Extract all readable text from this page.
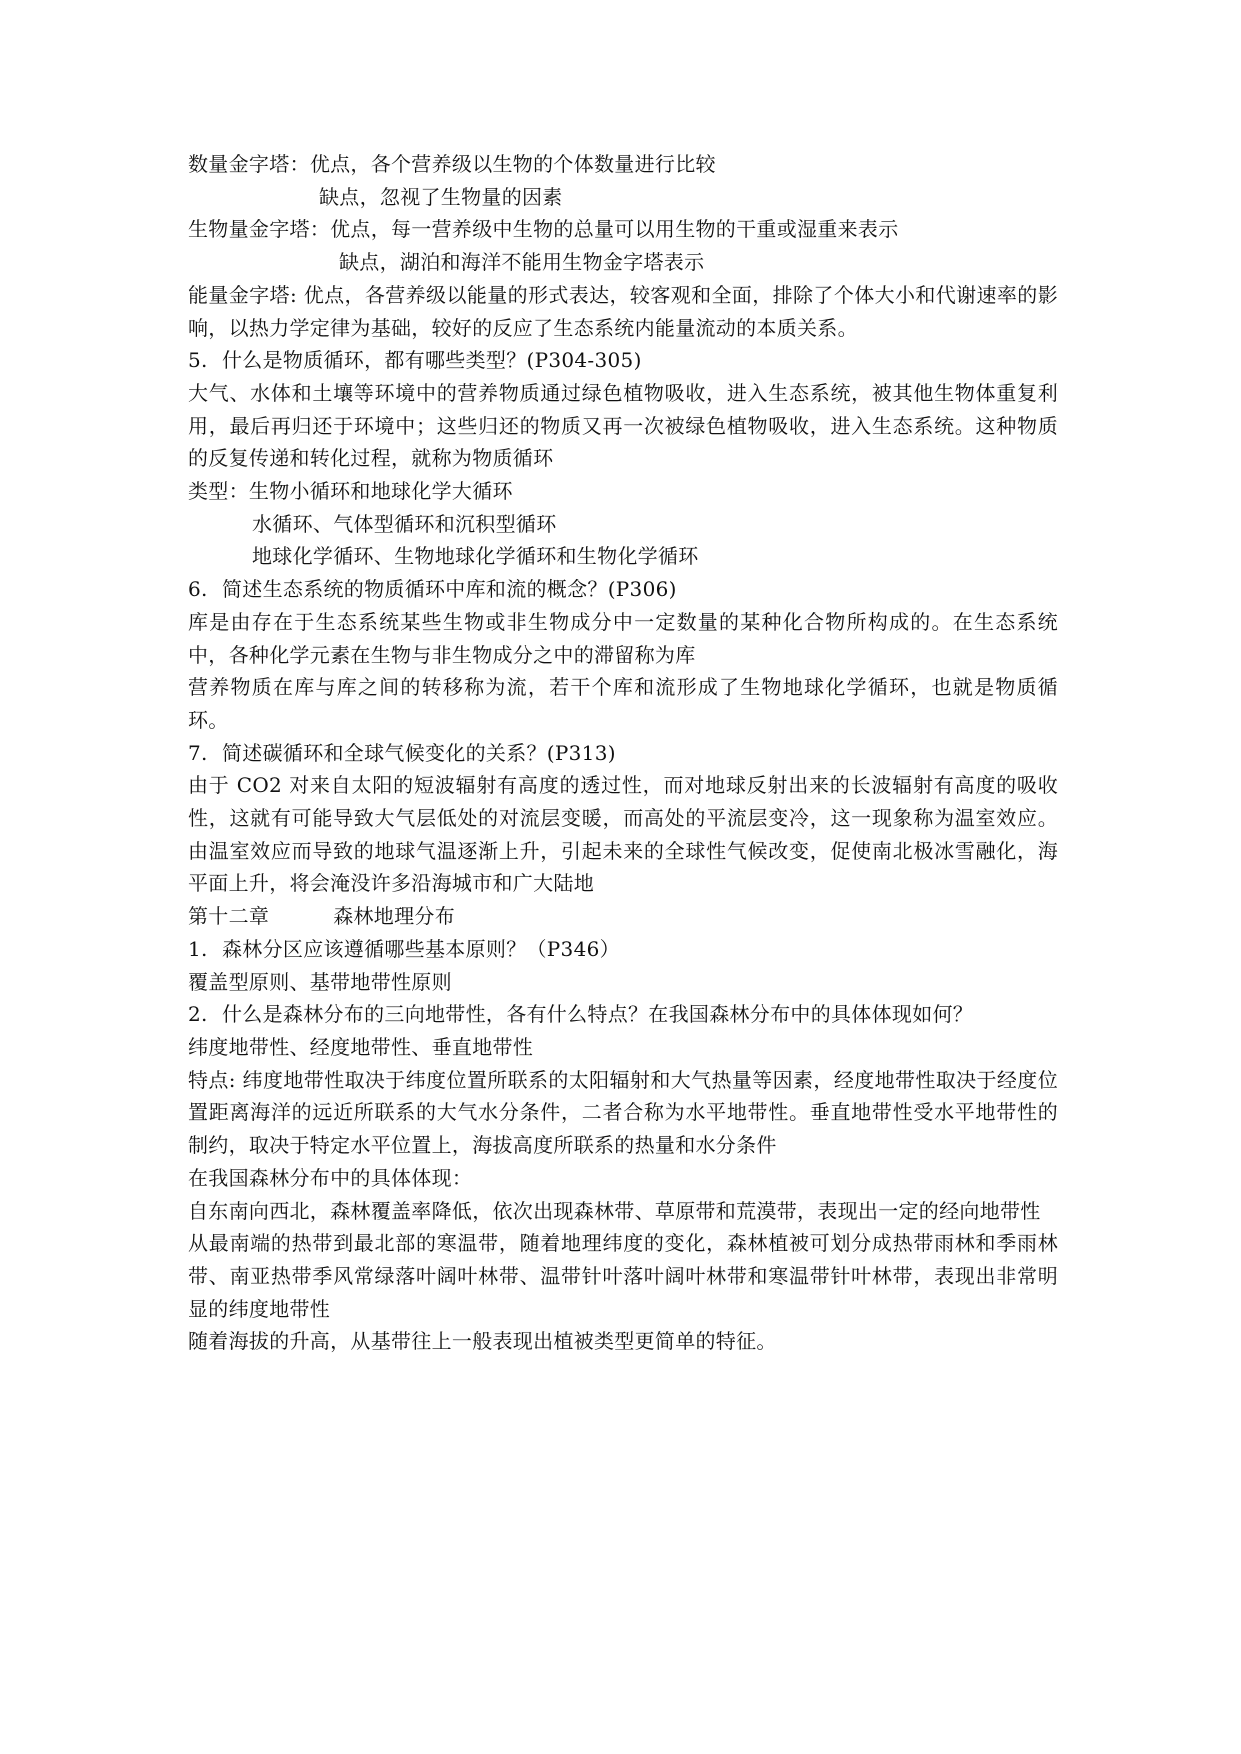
数量金字塔：优点，各个营养级以生物的个体数量进行比较
缺点，忽视了生物量的因素
生物量金字塔：优点，每一营养级中生物的总量可以用生物的干重或湿重来表示
缺点，湖泊和海洋不能用生物金字塔表示
能量金字塔: 优点，各营养级以能量的形式表达，较客观和全面，排除了个体大小和代谢速率的影响，以热力学定律为基础，较好的反应了生态系统内能量流动的本质关系。
5. 什么是物质循环，都有哪些类型？(P304-305)
大气、水体和土壤等环境中的营养物质通过绿色植物吸收，进入生态系统，被其他生物体重复利用，最后再归还于环境中；这些归还的物质又再一次被绿色植物吸收，进入生态系统。这种物质的反复传递和转化过程，就称为物质循环
类型：生物小循环和地球化学大循环
水循环、气体型循环和沉积型循环
地球化学循环、生物地球化学循环和生物化学循环
6. 简述生态系统的物质循环中库和流的概念？(P306)
库是由存在于生态系统某些生物或非生物成分中一定数量的某种化合物所构成的。在生态系统中，各种化学元素在生物与非生物成分之中的滞留称为库
营养物质在库与库之间的转移称为流，若干个库和流形成了生物地球化学循环，也就是物质循环。
7. 简述碳循环和全球气候变化的关系？(P313)
由于 CO2 对来自太阳的短波辐射有高度的透过性，而对地球反射出来的长波辐射有高度的吸收性，这就有可能导致大气层低处的对流层变暖，而高处的平流层变冷，这一现象称为温室效应。由温室效应而导致的地球气温逐渐上升，引起未来的全球性气候改变，促使南北极冰雪融化，海平面上升，将会淹没许多沿海城市和广大陆地
第十二章	森林地理分布
1. 森林分区应该遵循哪些基本原则？（P346）
覆盖型原则、基带地带性原则
2. 什么是森林分布的三向地带性，各有什么特点？在我国森林分布中的具体体现如何？
纬度地带性、经度地带性、垂直地带性
特点: 纬度地带性取决于纬度位置所联系的太阳辐射和大气热量等因素，经度地带性取决于经度位置距离海洋的远近所联系的大气水分条件，二者合称为水平地带性。垂直地带性受水平地带性的制约，取决于特定水平位置上，海拔高度所联系的热量和水分条件
在我国森林分布中的具体体现：
自东南向西北，森林覆盖率降低，依次出现森林带、草原带和荒漠带，表现出一定的经向地带性
从最南端的热带到最北部的寒温带，随着地理纬度的变化，森林植被可划分成热带雨林和季雨林带、南亚热带季风常绿落叶阔叶林带、温带针叶落叶阔叶林带和寒温带针叶林带，表现出非常明显的纬度地带性
随着海拔的升高，从基带往上一般表现出植被类型更简单的特征。
